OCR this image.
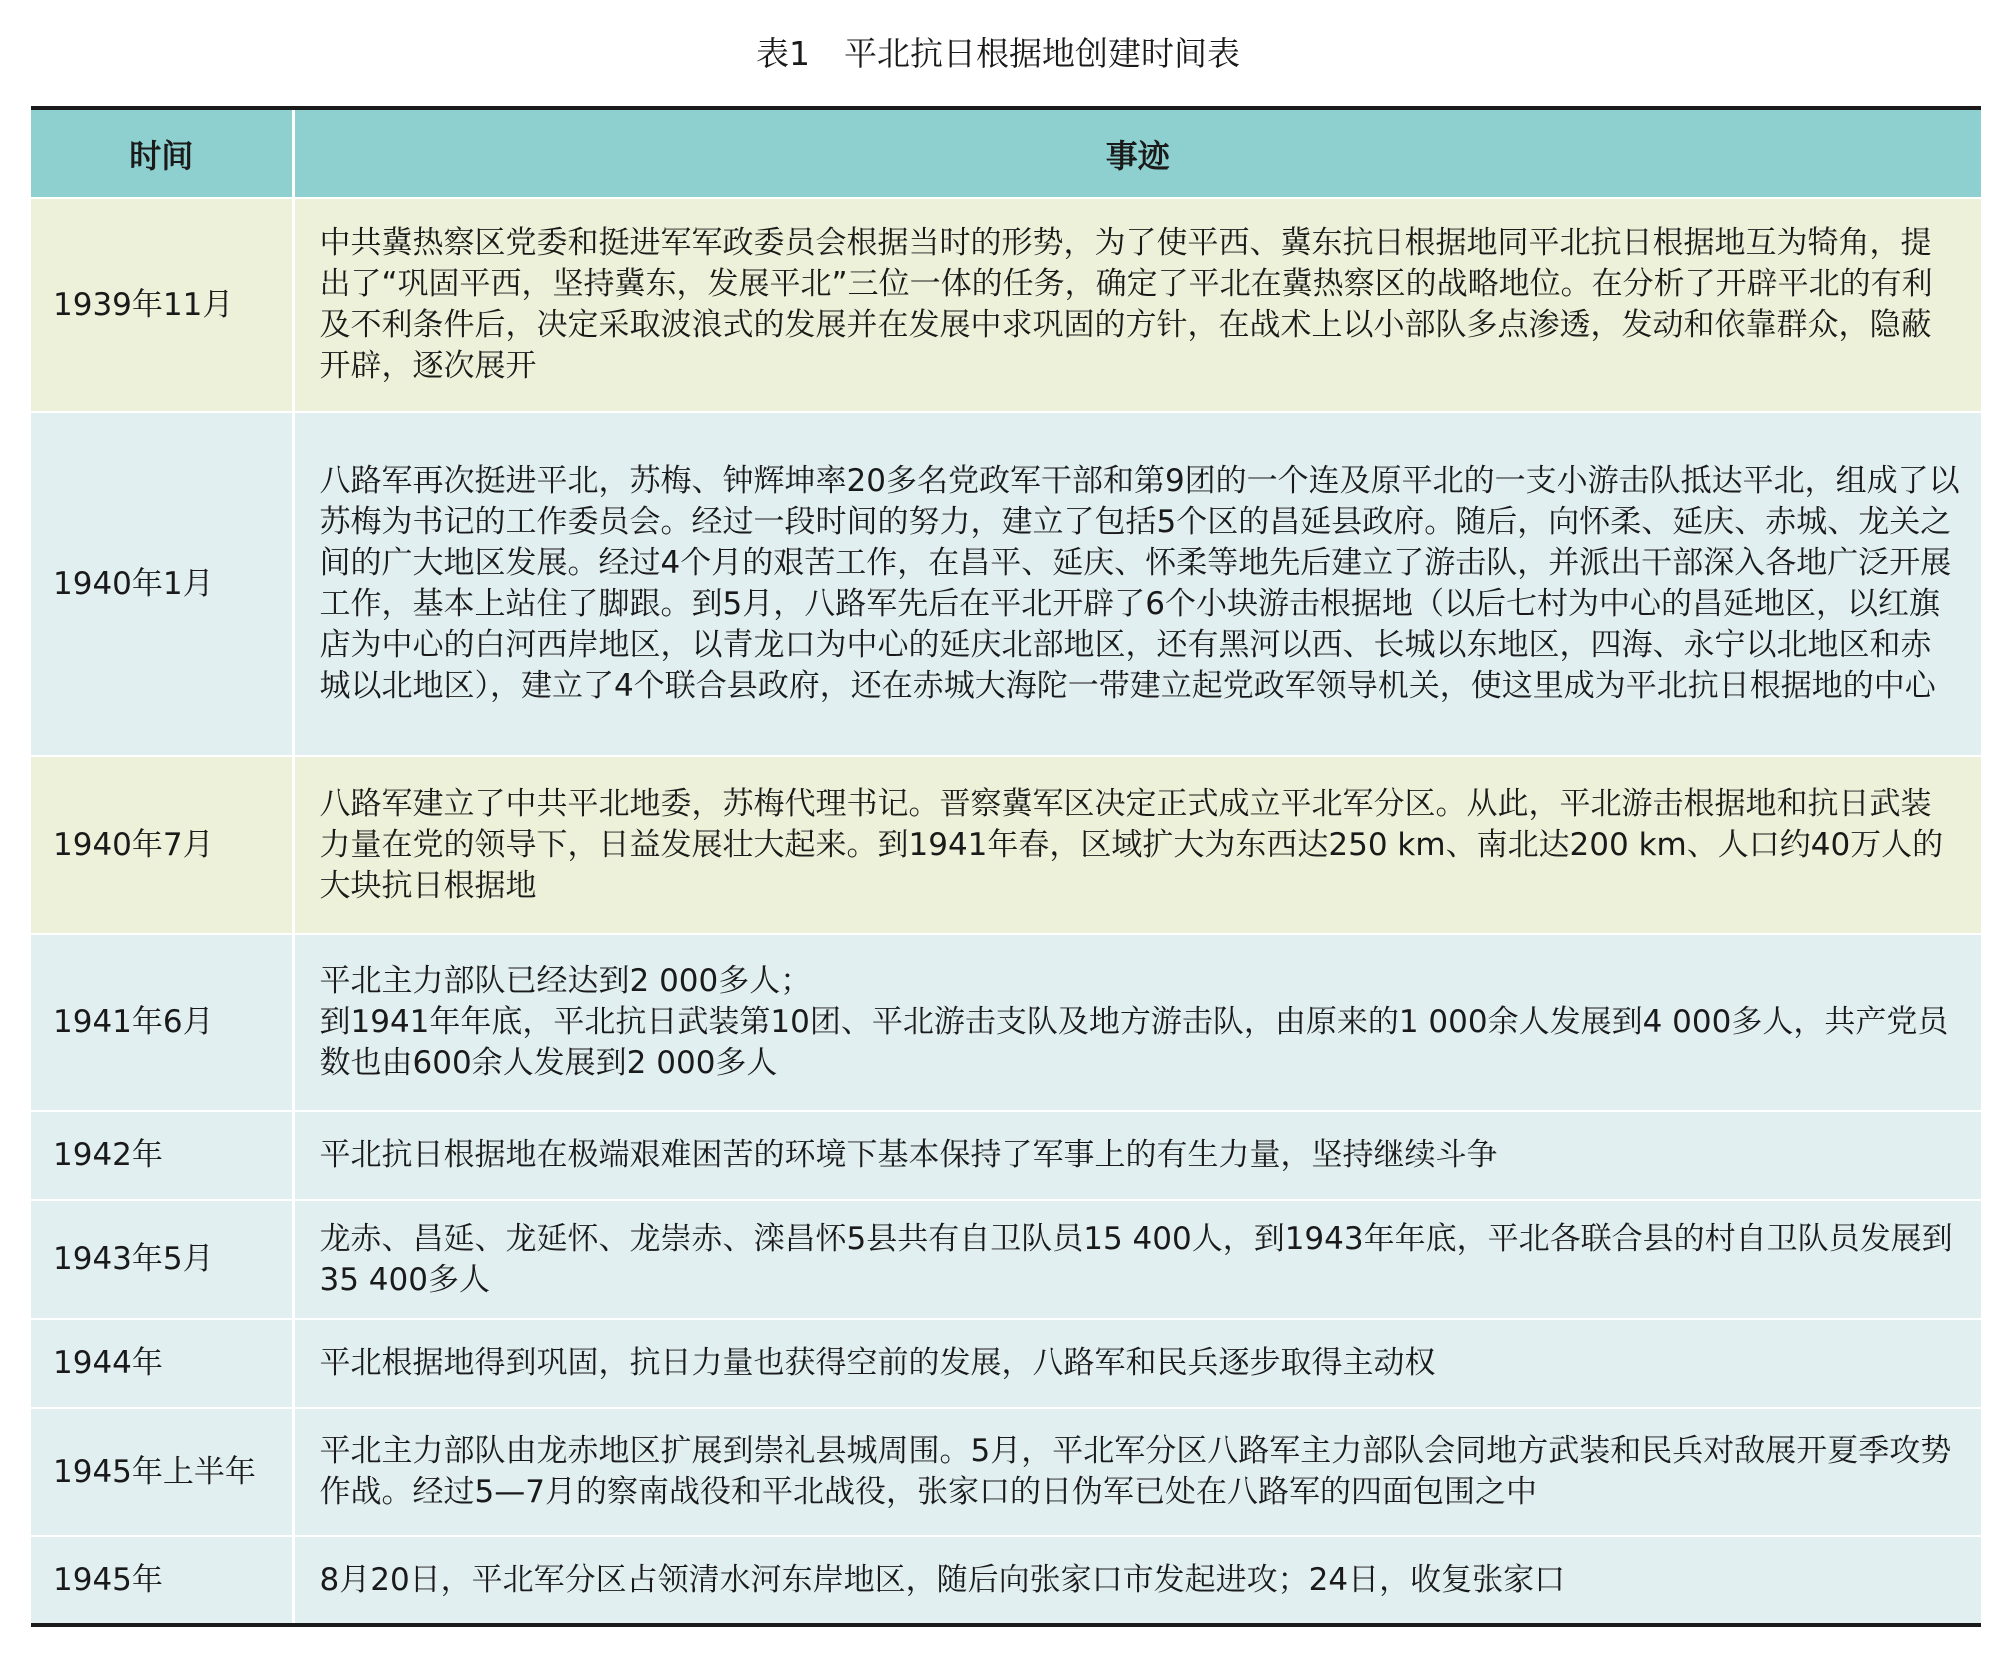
表1 平北抗日根据地创建时间表
时间	事迹
1939年11月	中共冀热察区党委和挺进军军政委员会根据当时的形势，为了使平西、冀东抗日根据地同平北抗日根据地互为犄角，提出了“巩固平西，坚持冀东，发展平北”三位一体的任务，确定了平北在冀热察区的战略地位。在分析了开辟平北的有利及不利条件后，决定采取波浪式的发展并在发展中求巩固的方针，在战术上以小部队多点渗透，发动和依靠群众，隐蔽开辟，逐次展开
1940年1月	八路军再次挺进平北，苏梅、钟辉坤率20多名党政军干部和第9团的一个连及原平北的一支小游击队抵达平北，组成了以苏梅为书记的工作委员会。经过一段时间的努力，建立了包括5个区的昌延县政府。随后，向怀柔、延庆、赤城、龙关之间的广大地区发展。经过4个月的艰苦工作，在昌平、延庆、怀柔等地先后建立了游击队，并派出干部深入各地广泛开展工作，基本上站住了脚跟。到5月，八路军先后在平北开辟了6个小块游击根据地（以后七村为中心的昌延地区，以红旗店为中心的白河西岸地区，以青龙口为中心的延庆北部地区，还有黑河以西、长城以东地区，四海、永宁以北地区和赤城以北地区），建立了4个联合县政府，还在赤城大海陀一带建立起党政军领导机关，使这里成为平北抗日根据地的中心
1940年7月	八路军建立了中共平北地委，苏梅代理书记。晋察冀军区决定正式成立平北军分区。从此，平北游击根据地和抗日武装力量在党的领导下，日益发展壮大起来。到1941年春，区域扩大为东西达250 km、南北达200 km、人口约40万人的大块抗日根据地
1941年6月	平北主力部队已经达到2 000多人；
到1941年年底，平北抗日武装第10团、平北游击支队及地方游击队，由原来的1 000余人发展到4 000多人，共产党员数也由600余人发展到2 000多人

1942年	平北抗日根据地在极端艰难困苦的环境下基本保持了军事上的有生力量，坚持继续斗争
1943年5月	龙赤、昌延、龙延怀、龙崇赤、滦昌怀5县共有自卫队员15 400人，到1943年年底，平北各联合县的村自卫队员发展到35 400多人
1944年	平北根据地得到巩固，抗日力量也获得空前的发展，八路军和民兵逐步取得主动权
1945年上半年	平北主力部队由龙赤地区扩展到崇礼县城周围。5月，平北军分区八路军主力部队会同地方武装和民兵对敌展开夏季攻势作战。经过5—7月的察南战役和平北战役，张家口的日伪军已处在八路军的四面包围之中
1945年	8月20日，平北军分区占领清水河东岸地区，随后向张家口市发起进攻；24日，收复张家口
